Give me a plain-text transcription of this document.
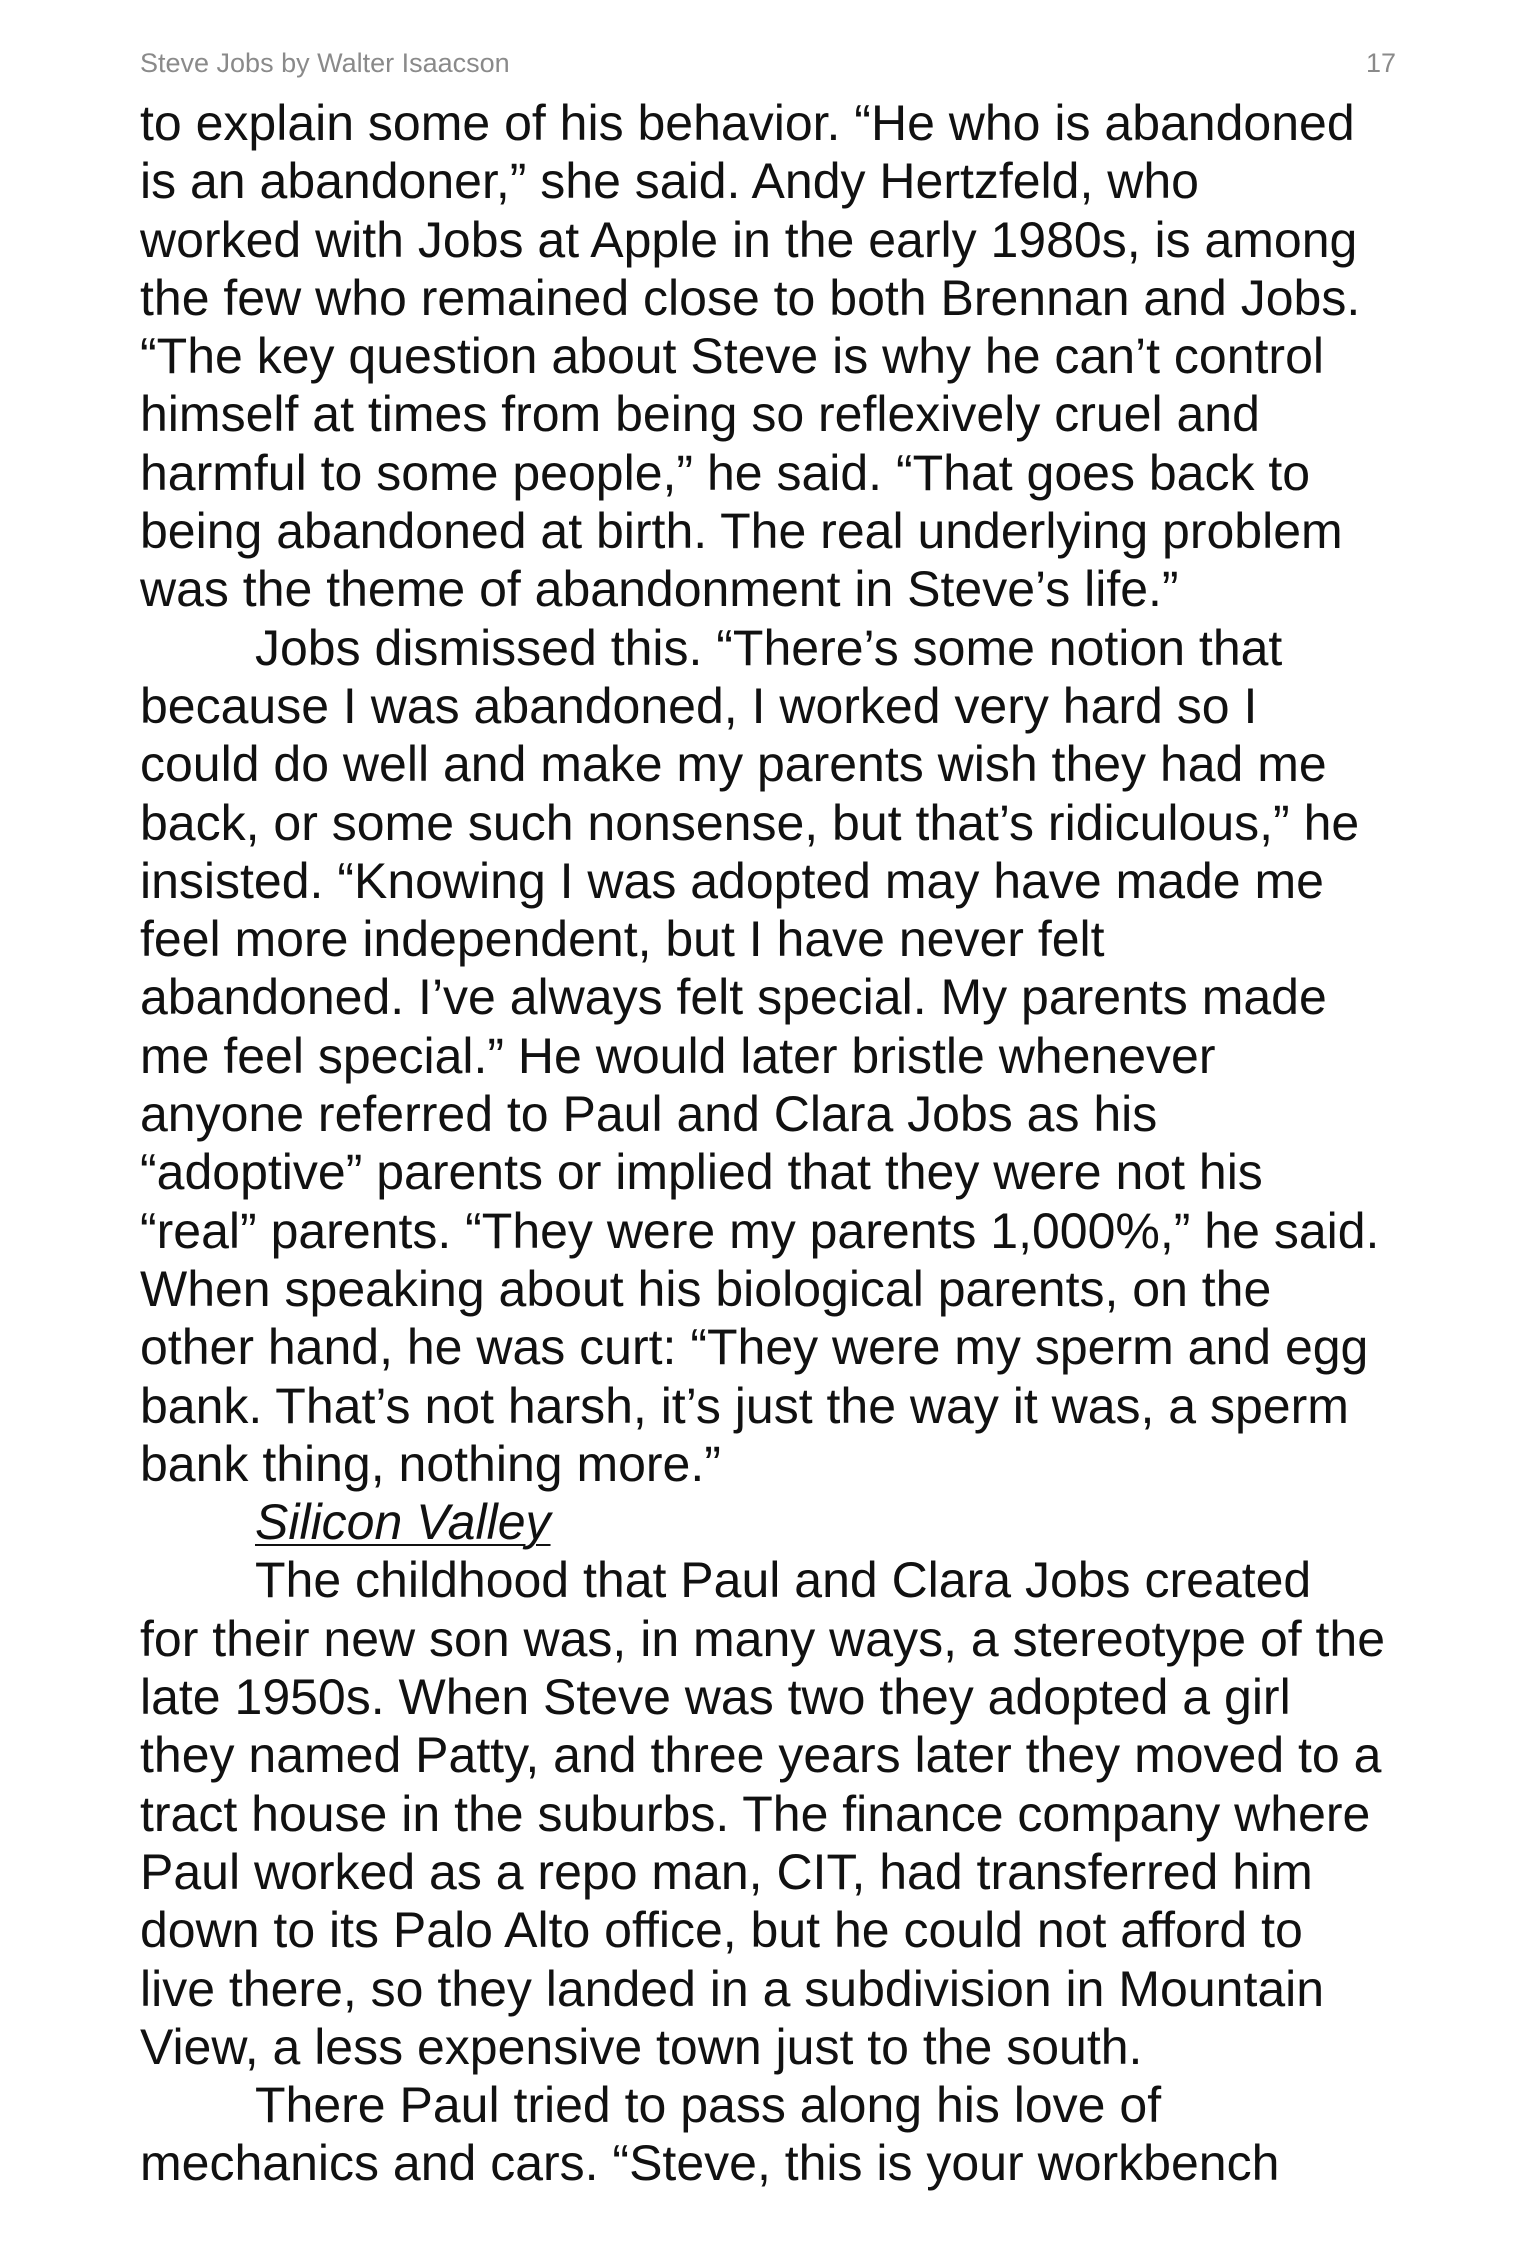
Steve Jobs by Walter Isaacson	17
to explain some of his behavior. “He who is abandoned
is an abandoner,” she said. Andy Hertzfeld, who
worked with Jobs at Apple in the early 1980s, is among
the few who remained close to both Brennan and Jobs.
“The key question about Steve is why he can’t control
himself at times from being so reflexively cruel and
harmful to some people,” he said. “That goes back to
being abandoned at birth. The real underlying problem
was the theme of abandonment in Steve’s life.”
Jobs dismissed this. “There’s some notion that
because I was abandoned, I worked very hard so I
could do well and make my parents wish they had me
back, or some such nonsense, but that’s ridiculous,” he
insisted. “Knowing I was adopted may have made me
feel more independent, but I have never felt
abandoned. I’ve always felt special. My parents made
me feel special.” He would later bristle whenever
anyone referred to Paul and Clara Jobs as his
“adoptive” parents or implied that they were not his
“real” parents. “They were my parents 1,000%,” he said.
When speaking about his biological parents, on the
other hand, he was curt: “They were my sperm and egg
bank. That’s not harsh, it’s just the way it was, a sperm
bank thing, nothing more.”
Silicon Valley
The childhood that Paul and Clara Jobs created
for their new son was, in many ways, a stereotype of the
late 1950s. When Steve was two they adopted a girl
they named Patty, and three years later they moved to a
tract house in the suburbs. The finance company where
Paul worked as a repo man, CIT, had transferred him
down to its Palo Alto office, but he could not afford to
live there, so they landed in a subdivision in Mountain
View, a less expensive town just to the south.
There Paul tried to pass along his love of
mechanics and cars. “Steve, this is your workbench
